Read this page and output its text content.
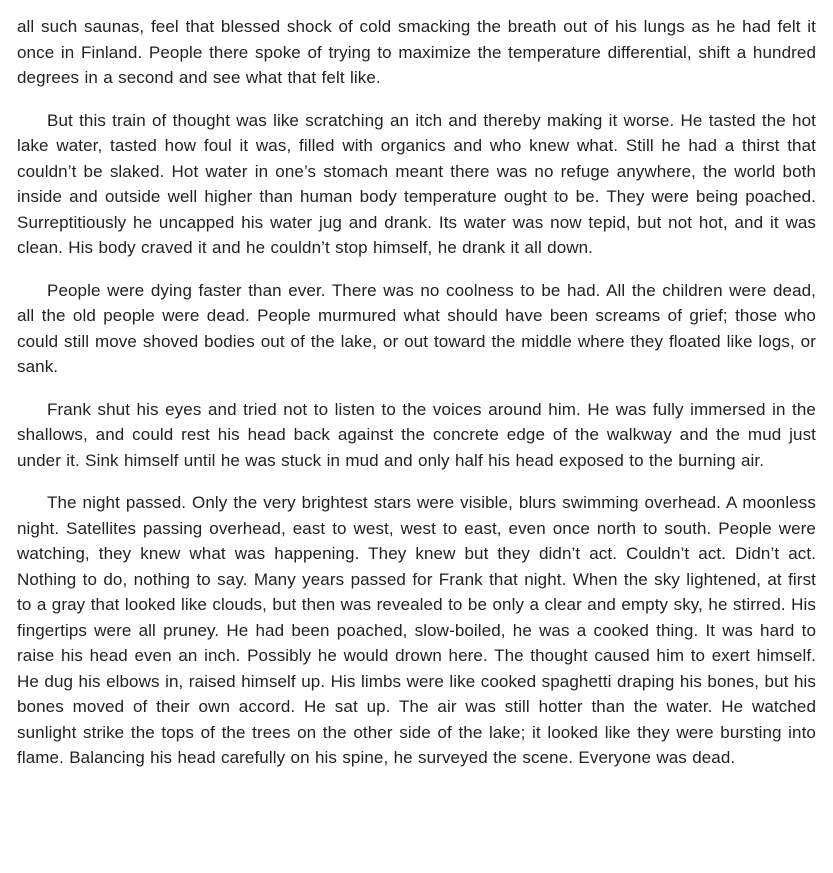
all such saunas, feel that blessed shock of cold smacking the breath out of his lungs as he had felt it once in Finland. People there spoke of trying to maximize the temperature differential, shift a hundred degrees in a second and see what that felt like.

But this train of thought was like scratching an itch and thereby making it worse. He tasted the hot lake water, tasted how foul it was, filled with organics and who knew what. Still he had a thirst that couldn’t be slaked. Hot water in one’s stomach meant there was no refuge anywhere, the world both inside and outside well higher than human body temperature ought to be. They were being poached. Surreptitiously he uncapped his water jug and drank. Its water was now tepid, but not hot, and it was clean. His body craved it and he couldn’t stop himself, he drank it all down.

People were dying faster than ever. There was no coolness to be had. All the children were dead, all the old people were dead. People murmured what should have been screams of grief; those who could still move shoved bodies out of the lake, or out toward the middle where they floated like logs, or sank.

Frank shut his eyes and tried not to listen to the voices around him. He was fully immersed in the shallows, and could rest his head back against the concrete edge of the walkway and the mud just under it. Sink himself until he was stuck in mud and only half his head exposed to the burning air.

The night passed. Only the very brightest stars were visible, blurs swimming overhead. A moonless night. Satellites passing overhead, east to west, west to east, even once north to south. People were watching, they knew what was happening. They knew but they didn’t act. Couldn’t act. Didn’t act. Nothing to do, nothing to say. Many years passed for Frank that night. When the sky lightened, at first to a gray that looked like clouds, but then was revealed to be only a clear and empty sky, he stirred. His fingertips were all pruney. He had been poached, slow-boiled, he was a cooked thing. It was hard to raise his head even an inch. Possibly he would drown here. The thought caused him to exert himself. He dug his elbows in, raised himself up. His limbs were like cooked spaghetti draping his bones, but his bones moved of their own accord. He sat up. The air was still hotter than the water. He watched sunlight strike the tops of the trees on the other side of the lake; it looked like they were bursting into flame. Balancing his head carefully on his spine, he surveyed the scene. Everyone was dead.
